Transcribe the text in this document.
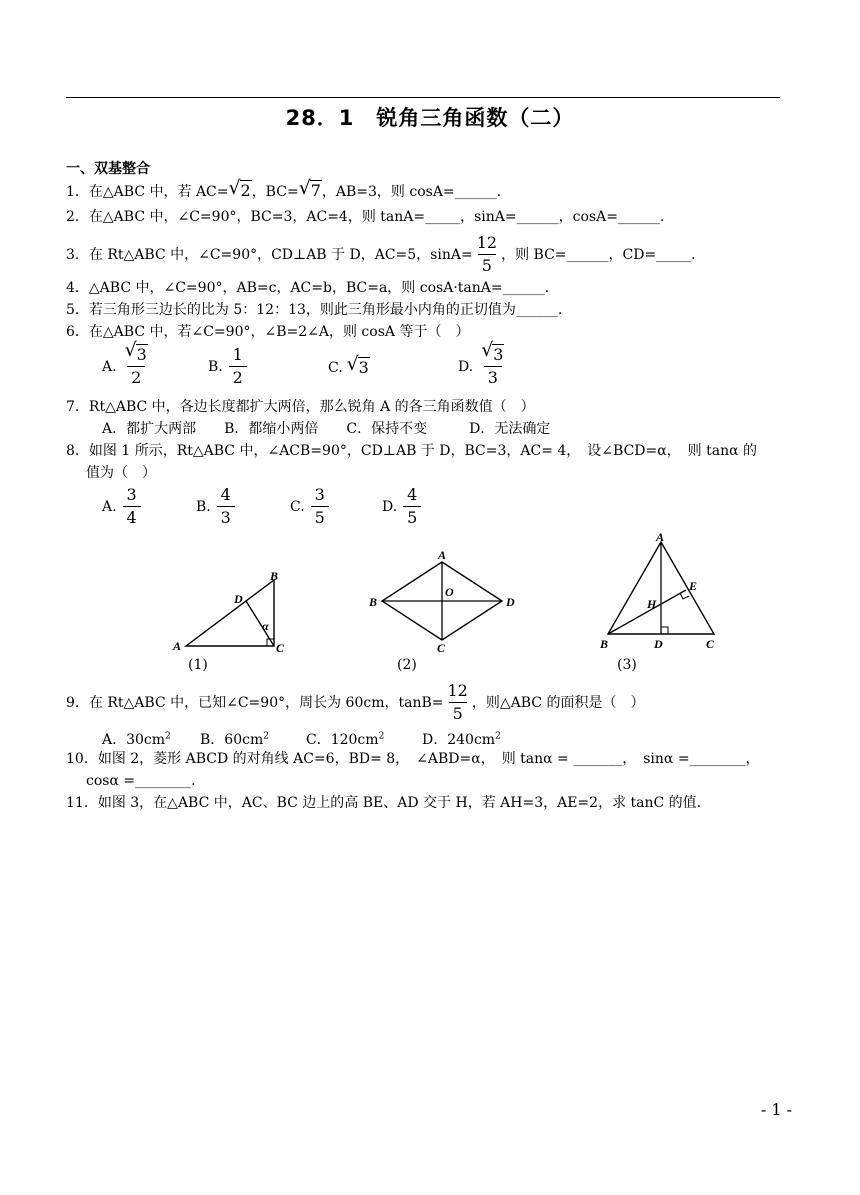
28．1　锐角三角函数（二）
一、双基整合
1．在△ABC 中，若 AC= √ 2，BC= √ 7，AB=3，则 cosA=______.
2．在△ABC 中，∠C=90°，BC=3，AC=4，则 tanA=_____，sinA=______，cosA=______.
3．在 Rt△ABC 中，∠C=90°，CD⊥AB 于 D，AC=5，$\sin A= \frac{12}{5}$ ，则 BC=______，CD=_____.
4．△ABC 中，∠C=90°，AB=c，AC=b，BC=a，则 cosA·tanA=______.
5．若三角形三边长的比为 5：12：13，则此三角形最小内角的正切值为______.
6．在△ABC 中，若∠C=90°，∠B=2∠A，则 cosA 等于（　）
A. $\frac{√ 3}{2}$	B. $\frac{1}{2}$	C. √ 3	D. $\frac{√ 3}{3}$
7．Rt△ABC 中，各边长度都扩大两倍，那么锐角 A 的各三角函数值（　）
A．都扩大两部　　B．都缩小两倍　　C．保持不变　　　D．无法确定
8．如图 1 所示，Rt△ABC 中，∠ACB=90°，CD⊥AB 于 D，BC=3，AC= 4，　设∠BCD=α，　则 tanα 的
值为（　）
A. $\frac{3}{4}$	B. $\frac{4}{3}$	C. $\frac{3}{5}$	D. $\frac{4}{5}$
A
B
C
D
α
(1)
A
B	D
C
O
(2)
A
B	C
D
E
H
(3)
9．在 Rt△ABC 中，已知∠C=90°，周长为 60cm，$\tan B= \frac{12}{5}$ ，则△ABC 的面积是（　）
A．$30cm^2$ B．$60cm^2$	C．$120cm^2$	D．$240cm^2$
10．如图 2，菱形 ABCD 的对角线 AC=6，BD= 8，　∠ABD=α，　则 tanα = _______，　sinα =________，
cosα =________.
11．如图 3，在△ABC 中，AC、BC 边上的高 BE、AD 交于 H，若 AH=3，AE=2，求 tanC 的值.
- 1 -
